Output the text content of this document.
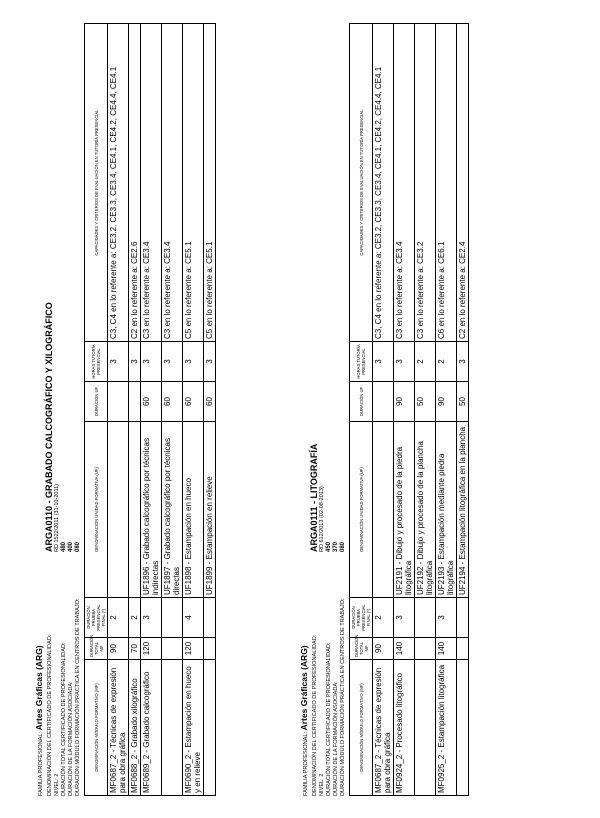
FAMILIA PROFESIONAL: Artes Gráficas (ARG) DENOMINACIÓN DEL CERTIFICADO DE PROFESIONALIDAD:
ARGA0110 - GRABADO CALCOGRÁFICO Y XILOGRÁFICO
NIVEL: 2
RD 1522/2011 (31-10-2011)
DURACIÓN TOTAL CERTIFICADO DE PROFESIONALIDAD:
480
DURACIÓN DE LA FORMACIÓN ASOCIADA:
400
DURACIÓN MÓDULO FORMACIÓN PRÁCTICA EN CENTROS DE TRABAJO:
080
DENOMINACIÓN MÓDULO FORMATIVO (MF)	DURACIÓN TOTAL MF	DURACIÓN PRUEBA PRESENCIAL FINAL (*)	DENOMINACIÓN UNIDAD FORMATIVA (UF)	DURACIÓN UF	HORAS TUTORÍA PRESENCIAL	CAPACIDADES Y CRITERIOS DE EVALUACIÓN EN TUTORÍA PRESENCIAL
MF0687_2 - Técnicas de expresión para obra gráfica	90	2			3	C3, C4 en lo referente a: CE3.2, CE3.3, CE3.4, CE4.1, CE4.2, CE4.4, CE4.1
MF0688_2 - Grabado xilográfico	70	2			3	C2 en lo referente a: CE2.6
MF0689_2 - Grabado calcográfico	120	3	UF1896 - Grabado calcográfico por técnicas indirectas	60	3	C3 en lo referente a: CE3.4
			UF1897 - Grabado calcográfico por técnicas directas	60	3	C3 en lo referente a: CE3.4
MF0690_2 - Estampación en hueco y en relieve	120	4	UF1898 - Estampación en hueco	60	3	C5 en lo referente a: CE5.1
			UF1899 - Estampación en relieve	60	3	C5 en lo referente a: CE5.1
FAMILIA PROFESIONAL: Artes Gráficas (ARG) DENOMINACIÓN DEL CERTIFICADO DE PROFESIONALIDAD:
ARGA0111 - LITOGRAFÍA
NIVEL: 2
RD 612/2013 (02-08-2013)
DURACIÓN TOTAL CERTIFICADO DE PROFESIONALIDAD:
450
DURACIÓN DE LA FORMACIÓN ASOCIADA:
370
DURACIÓN MÓDULO FORMACIÓN PRÁCTICA EN CENTROS DE TRABAJO:
080
DENOMINACIÓN MÓDULO FORMATIVO (MF)	DURACIÓN TOTAL MF	DURACIÓN PRUEBA PRESENCIAL FINAL (*)	DENOMINACIÓN UNIDAD FORMATIVA (UF)	DURACIÓN UF	HORAS TUTORÍA PRESENCIAL	CAPACIDADES Y CRITERIOS DE EVALUACIÓN EN TUTORÍA PRESENCIAL
MF0687_2 - Técnicas de expresión para obra gráfica	90	2			3	C3, C4 en lo referente a: CE3.2, CE3.3, CE3.4, CE4.1, CE4.2, CE4.4, CE4.1
MF0924_2 - Procesado litográfico	140	3	UF2191 - Dibujo y procesado de la piedra litográfica	90	3	C3 en lo referente a: CE3.4
			UF2192 - Dibujo y procesado de la plancha litográfica	50	2	C3 en lo referente a: CE3.2
MF0925_2 - Estampación litográfica	140	3	UF2193 - Estampación mediante piedra litográfica	90	2	C6 en lo referente a: CE6.1
			UF2194 - Estampación litográfica en la plancha	50	3	C2 en lo referente a: CE2.4
